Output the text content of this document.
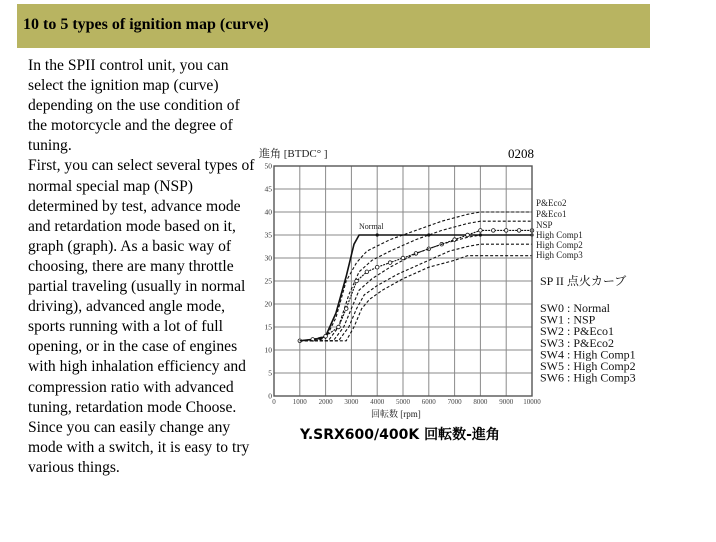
10 to 5 types of ignition map (curve)

In the SPII control unit, you can select the ignition map (curve) depending on the use condition of the motorcycle and the degree of tuning.

First, you can select several types of normal special map (NSP) determined by test, advance mode and retardation mode based on it, graph (graph). As a basic way of choosing, there are many throttle partial traveling (usually in normal driving), advanced angle mode, sports running with a lot of full opening, or in the case of engines with high inhalation efficiency and compression ratio with advanced tuning, retardation mode Choose.

Since you can easily change any mode with a switch, it is easy to try various things.

P&Eco2
P&Eco1
NSP
High Comp1
High Comp2
High Comp3
0 1000 2000 3000 4000 5000 6000 7000 8000 9000 10000
0
5
10
15
20
25
30
35
40
45
50
進角 [BTDC° ]	0208
Normal
回転数 [rpm]
Y.SRX600/400K 回転数-進角
SP II 点火カーブ
SW0 : Normal
SW1 : NSP
SW2 : P&Eco1
SW3 : P&Eco2
SW4 : High Comp1
SW5 : High Comp2
SW6 : High Comp3
